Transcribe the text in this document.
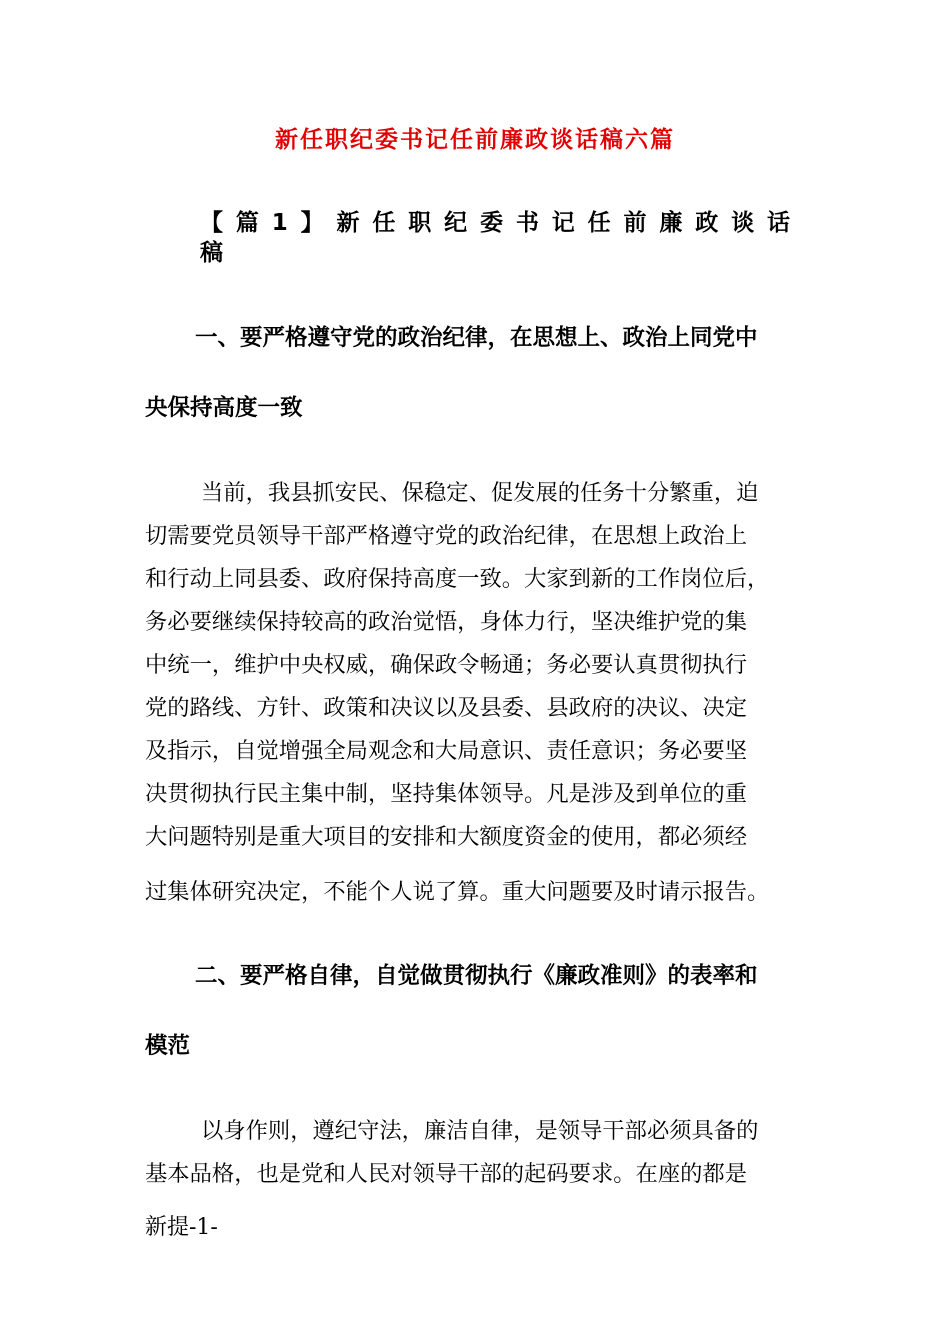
新任职纪委书记任前廉政谈话稿六篇
【篇1】新任职纪委书记任前廉政谈话
稿
一、要严格遵守党的政治纪律，在思想上、政治上同党中
央保持高度一致
当前，我县抓安民、保稳定、促发展的任务十分繁重，迫
切需要党员领导干部严格遵守党的政治纪律，在思想上政治上
和行动上同县委、政府保持高度一致。大家到新的工作岗位后，
务必要继续保持较高的政治觉悟，身体力行，坚决维护党的集
中统一，维护中央权威，确保政令畅通；务必要认真贯彻执行
党的路线、方针、政策和决议以及县委、县政府的决议、决定
及指示，自觉增强全局观念和大局意识、责任意识；务必要坚
决贯彻执行民主集中制，坚持集体领导。凡是涉及到单位的重
大问题特别是重大项目的安排和大额度资金的使用，都必须经
过集体研究决定，不能个人说了算。重大问题要及时请示报告。
二、要严格自律，自觉做贯彻执行《廉政准则》的表率和
模范
以身作则，遵纪守法，廉洁自律，是领导干部必须具备的
基本品格，也是党和人民对领导干部的起码要求。在座的都是
新提-1-
